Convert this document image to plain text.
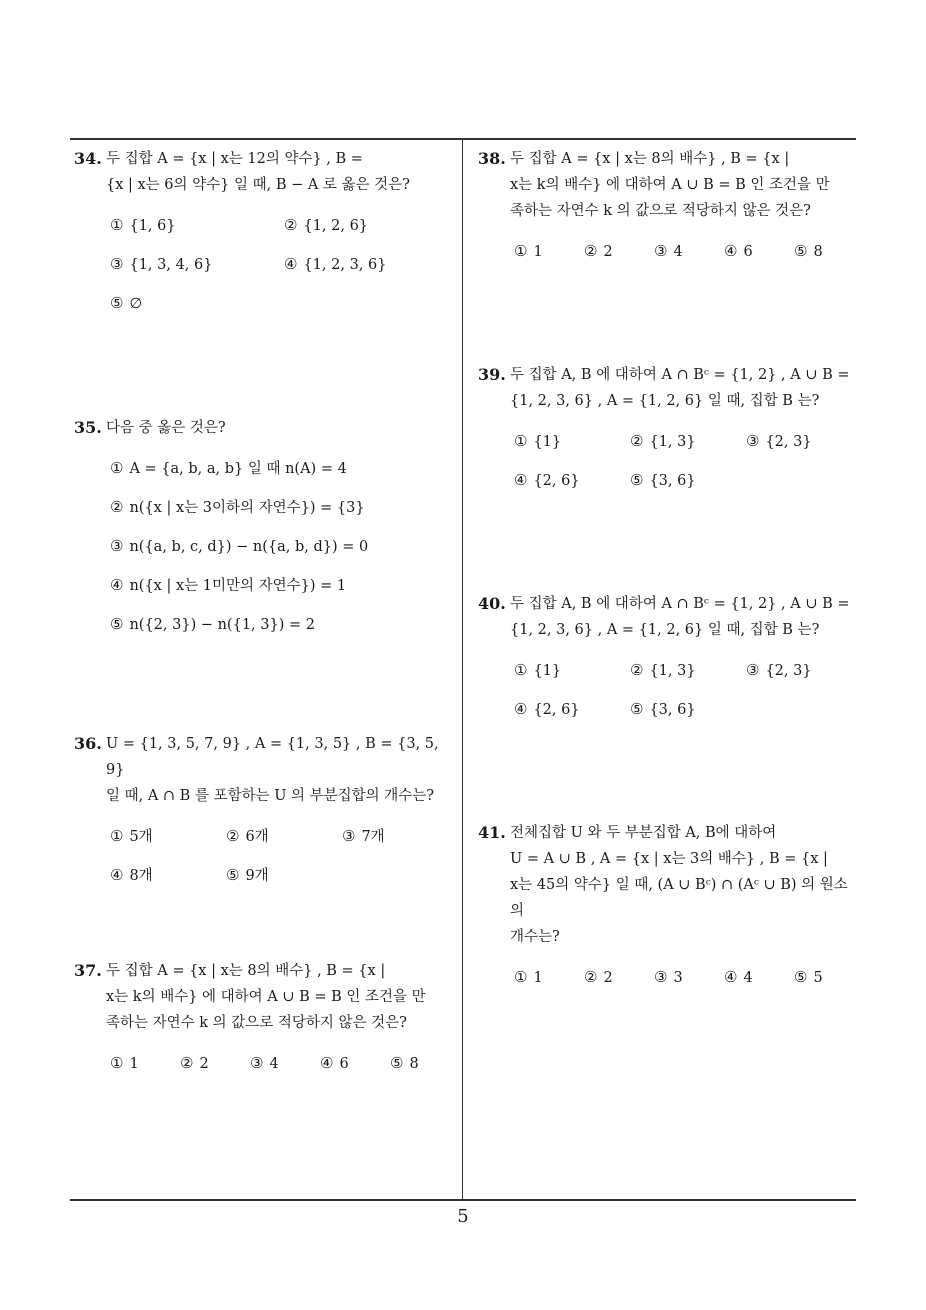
34. 두 집합 A = {x | x는 12의 약수} , B =
{x | x는 6의 약수} 일 때, B − A 로 옳은 것은?
① {1, 6}	② {1, 2, 6}
③ {1, 3, 4, 6}	④ {1, 2, 3, 6}
⑤ ∅
35. 다음 중 옳은 것은?
① A = {a, b, a, b} 일 때 n(A) = 4
② n({x | x는 3이하의 자연수}) = {3}
③ n({a, b, c, d}) − n({a, b, d}) = 0
④ n({x | x는 1미만의 자연수}) = 1
⑤ n({2, 3}) − n({1, 3}) = 2
36. U = {1, 3, 5, 7, 9} , A = {1, 3, 5} , B = {3, 5, 9}
일 때, A ∩ B 를 포함하는 U 의 부분집합의 개수는?
① 5개	② 6개	③ 7개
④ 8개	⑤ 9개
37. 두 집합 A = {x | x는 8의 배수} , B = {x |
x는 k의 배수} 에 대하여 A ∪ B = B 인 조건을 만
족하는 자연수 k 의 값으로 적당하지 않은 것은?
① 1	② 2	③ 4	④ 6	⑤ 8
38. 두 집합 A = {x | x는 8의 배수} , B = {x |
x는 k의 배수} 에 대하여 A ∪ B = B 인 조건을 만
족하는 자연수 k 의 값으로 적당하지 않은 것은?
① 1	② 2	③ 4	④ 6	⑤ 8
39. 두 집합 A, B 에 대하여 A ∩ Bᶜ = {1, 2} , A ∪ B =
{1, 2, 3, 6} , A = {1, 2, 6} 일 때, 집합 B 는?
① {1}	② {1, 3}	③ {2, 3}
④ {2, 6}	⑤ {3, 6}
40. 두 집합 A, B 에 대하여 A ∩ Bᶜ = {1, 2} , A ∪ B =
{1, 2, 3, 6} , A = {1, 2, 6} 일 때, 집합 B 는?
① {1}	② {1, 3}	③ {2, 3}
④ {2, 6}	⑤ {3, 6}
41. 전체집합 U 와 두 부분집합 A, B에 대하여
U = A ∪ B , A = {x | x는 3의 배수} , B = {x |
x는 45의 약수} 일 때, (A ∪ Bᶜ) ∩ (Aᶜ ∪ B) 의 원소의
개수는?
① 1	② 2	③ 3	④ 4	⑤ 5
5
